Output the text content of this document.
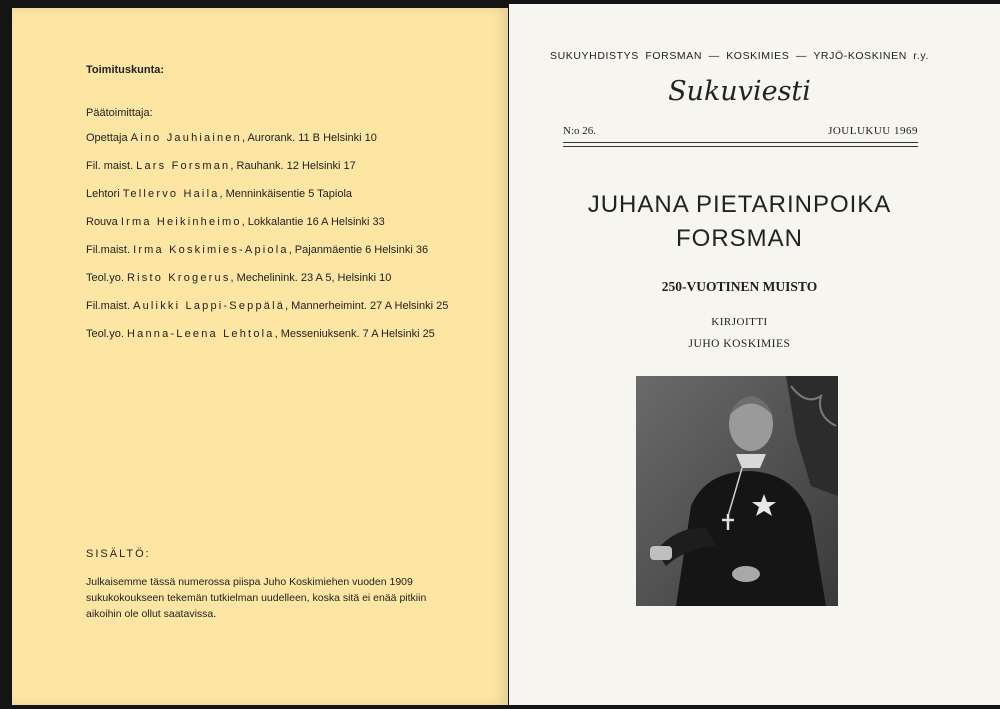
Toimituskunta:
Päätoimittaja:
Opettaja Aino Jauhiainen, Aurorank. 11 B Helsinki 10
Fil. maist. Lars Forsman, Rauhank. 12 Helsinki 17
Lehtori Tellervo Haila, Menninkäisentie 5 Tapiola
Rouva Irma Heikinheimo, Lokkalantie 16 A Helsinki 33
Fil.maist. Irma Koskimies-Apiola, Pajanmäentie 6 Helsinki 36
Teol.yo. Risto Krogerus, Mechelinink. 23 A 5, Helsinki 10
Fil.maist. Aulikki Lappi-Seppälä, Mannerheimint. 27 A Helsinki 25
Teol.yo. Hanna-Leena Lehtola, Messeniuksenk. 7 A Helsinki 25
SISÄLTÖ:
Julkaisemme tässä numerossa piispa Juho Koskimiehen vuoden 1909 sukukokoukseen tekemän tutkielman uudelleen, koska sitä ei enää pitkiin aikoihin ole ollut saatavissa.
SUKUYHDISTYS FORSMAN — KOSKIMIES — YRJÖ-KOSKINEN r.y.
Sukuviesti
N:o 26.	JOULUKUU 1969
JUHANA PIETARINPOIKA
FORSMAN
250-VUOTINEN MUISTO
KIRJOITTI
JUHO KOSKIMIES
